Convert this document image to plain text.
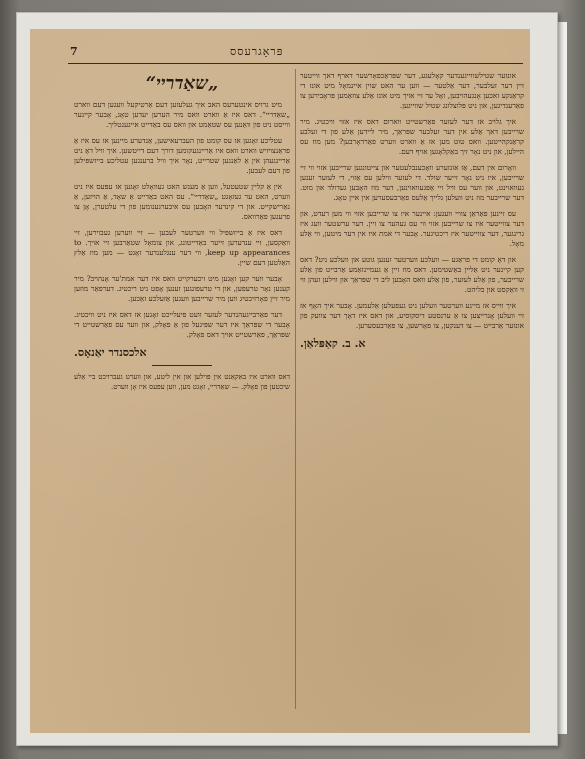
7	פּראָגרעסס

אונזער שטילשווייגענדער קאָלעגע, דער שפּראַכפאָרשער דארף דאך ווייטער זיין דער זעלבער, דער אַלטער — ווען ער האט שוין איינמאָל מיט אונז די קראַנקע זאכען אָנגעהויבען, זאָל ער זיי אויך מיט אונז אַלע צוזאַמען פּראָבירען צו פאַרענדיגען, און ניט פּלוצלונג שטיל שווייגען.

איך גלויב אז דער לעזער פאַרשטייט ווארום דאס איז אזוי וויכטיג. מיר שרייבען דאך אַלע אין דער זעלבער שפּראַך, מיר ליידען אַלע פון די זעלבע קראַנקהייטען. וואס טוט מען אז אַ ווארט ווערט פאַרדאָרבען? מען מוז עס היילען, און ניט נאָר זיך באַקלאָגען אויף דעם.

וואָרום אין דעם, אַז אונזערע וואָכענבלעטער און צייטונגען שרייבען אזוי ווי זיי שרייבען, איז ניט נאָר זייער שולד. די לעזער ווילען עס אַזוי, די לעזער זענען געוואוינט, און ווער עס וויל זיי אָפּגעוואוינען, דער מוז האָבען געדולד און מוט. דער שרייבער מוז ניט וועלען גלייך אַלעס פאַרבעסערען אין איין טאָג.

עס זיינען פאַראַן צוויי וועגען: איינער איז צו שרייבען אזוי ווי מען רעדט, און דער צווייטער איז צו שרייבען אזוי ווי עס געהער צו זיין. דער ערשטער וועג איז גרינגער, דער צווייטער איז ריכטיגער. אָבער די אמת איז אין דער מיטען, ווי אַלע מאָל.

און דאָ קומט די פראַגע — וועלכע ווערטער זענען גוטע און וועלכע ניט? דאס קען קיינער ניט אַליין באַשטימען. דאס מוז זיין אַ געמיינזאַמע אַרבייט פון אַלע שרייבער, פון אַלע לעזער, פון אַלע וואס האָבען ליב די שפּראַך און ווילען זעהן ווי זי וואַקסט און בליהט.

איך ווייס אז מיינע ווערטער וועלען ניט געפעלען אַלעמען. אָבער איך האָף אז זיי וועלען אָנרייצען צו אַ ערנסטע דיסקוסיע, און דאס איז דאָך דער צוועק פון אונזער אַרבייט — צו דענקען, צו פאָרשען, צו פאַרבעסערען.

א. ב. קאַפּלאַן.
„שאַדריי“

מיט גרויס אינטערעס האב איך געלעזען דעם אַרטיקעל וועגען דעם ווארט „שאַדריי“. דאס איז אַ ווארט וואס מיר הערען יעדען טאָג, אָבער קיינער ווייסט ניט פון וואַנען עס שטאַמט און וואס עס באַדייט אייגענטליך.

עטליכע זאָגען אז עס קומט פון העברעאישען, אַנדערע מיינען אז עס איז אַ פראַנצויזיש ווארט וואס איז אַריינגעקומען דורך דעם דייטשען. איך וויל דאָ ניט אַריינגעהן אין אַ לאַנגען שטרייט, נאָר איך וויל ברענגען עטליכע בייזשפּילען פון דעם לעבען.

אין אַ קליין שטעטעל, ווען אַ מענש האט געוואָלט זאָגען אז עפּעס איז ניט ווערט, האט ער געזאָגט „שאַדריי“. עס האט באַדייט אַ שאָד, אַ הויזען, אַ נאַרישקייט. און די קינדער האָבען עס איבערגענומען פון די עלטערן, אָן צו פרעגען פאַרוואס.

דאס איז אַ בייזשפּיל ווי ווערטער לעבען — זיי ווערען געבוירען, זיי וואַקסען, זיי ענדערען זייער באַדייטונג, און צומאָל שטאַרבען זיי אויך. to keep up appearances, ווי דער ענגלענדער זאָגט — מען מוז אַלץ האַלטען דעם שיין.

אָבער ווער קען זאָגען מיט זיכערקייט וואס איז דער אמת'ער אָנהויב? מיר קענען נאָר טרעפען, און די טרעפונגען זענען אָפט ניט ריכטיג. דערפאַר מוזען מיר זיין פאָרזיכטיג ווען מיר שרייבען וועגען אַזעלכע זאַכען.

דער פאַרבייגעהנדער לעזער וועט פיעלייכט זאָגען אז דאס איז ניט וויכטיג. אָבער די שפּראַך איז דער שפּיגעל פון אַ פאָלק, און ווער עס פאַרשטייט די שפּראַך, פאַרשטייט אויך דאס פאָלק.

אלכסנדר יאַנאָס.

דאס ווארט איז באַקאַנט אין פּוילען און אין ליטע, און ווערט געברויכט ביי אַלע שיכטען פון פאָלק. — שאַדריי, זאָגט מען, ווען עפּעס איז אָן ווערט.
